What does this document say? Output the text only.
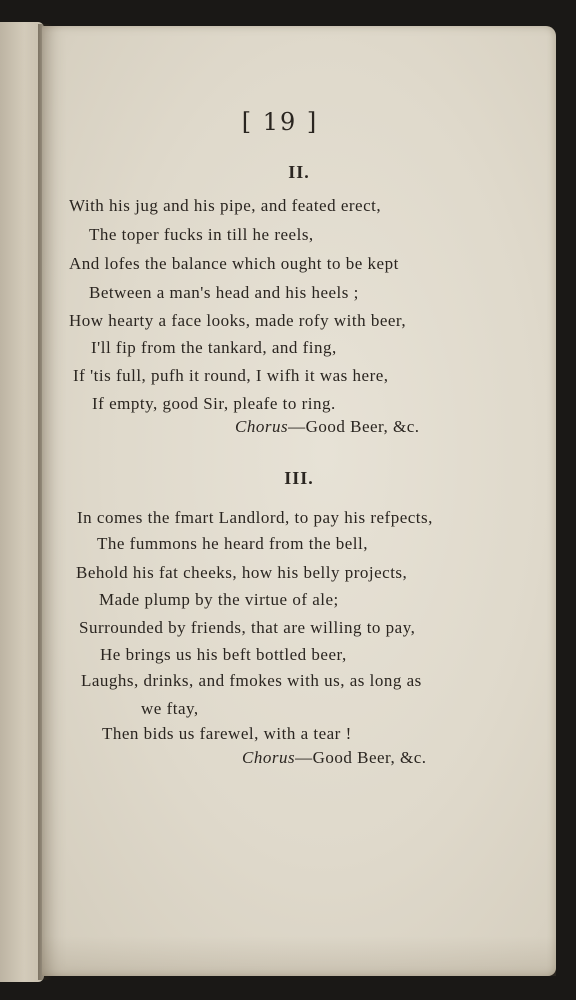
[ 19 ]
II.
With his jug and his pipe, and feated erect,
The toper fucks in till he reels,
And lofes the balance which ought to be kept
Between a man's head and his heels ;
How hearty a face looks, made rofy with beer,
I'll fip from the tankard, and fing,
If 'tis full, pufh it round, I wifh it was here,
If empty, good Sir, pleafe to ring.
Chorus—Good Beer, &c.
III.
In comes the fmart Landlord, to pay his refpects,
The fummons he heard from the bell,
Behold his fat cheeks, how his belly projects,
Made plump by the virtue of ale;
Surrounded by friends, that are willing to pay,
He brings us his beft bottled beer,
Laughs, drinks, and fmokes with us, as long as
we ftay,
Then bids us farewel, with a tear !
Chorus—Good Beer, &c.
